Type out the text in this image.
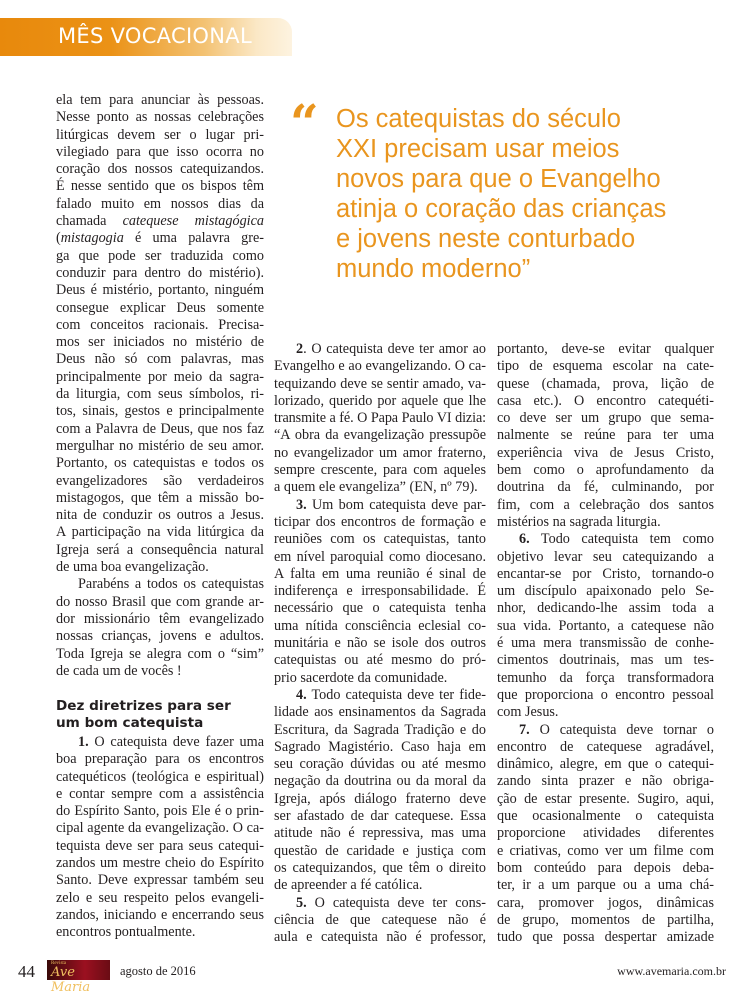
MÊS VOCACIONAL
“ Os catequistas do século
XXI precisam usar meios
novos para que o Evangelho
atinja o coração das crianças
e jovens neste conturbado
mundo moderno”
ela tem para anunciar às pessoas.
Nesse ponto as nossas celebrações
litúrgicas devem ser o lugar pri-
vilegiado para que isso ocorra no
coração dos nossos catequizandos.
É nesse sentido que os bispos têm
falado muito em nossos dias da
chamada catequese mistagógica
(mistagogia é uma palavra gre-
ga que pode ser traduzida como
conduzir para dentro do mistério).
Deus é mistério, portanto, ninguém
consegue explicar Deus somente
com conceitos racionais. Precisa-
mos ser iniciados no mistério de
Deus não só com palavras, mas
principalmente por meio da sagra-
da liturgia, com seus símbolos, ri-
tos, sinais, gestos e principalmente
com a Palavra de Deus, que nos faz
mergulhar no mistério de seu amor.
Portanto, os catequistas e todos os
evangelizadores são verdadeiros
mistagogos, que têm a missão bo-
nita de conduzir os outros a Jesus.
A participação na vida litúrgica da
Igreja será a consequência natural
de uma boa evangelização.
Parabéns a todos os catequistas
do nosso Brasil que com grande ar-
dor missionário têm evangelizado
nossas crianças, jovens e adultos.
Toda Igreja se alegra com o “sim”
de cada um de vocês !
Dez diretrizes para ser
um bom catequista
1. O catequista deve fazer uma
boa preparação para os encontros
catequéticos (teológica e espiritual)
e contar sempre com a assistência
do Espírito Santo, pois Ele é o prin-
cipal agente da evangelização. O ca-
tequista deve ser para seus catequi-
zandos um mestre cheio do Espírito
Santo. Deve expressar também seu
zelo e seu respeito pelos evangeli-
zandos, iniciando e encerrando seus
encontros pontualmente.
2. O catequista deve ter amor ao
Evangelho e ao evangelizando. O ca-
tequizando deve se sentir amado, va-
lorizado, querido por aquele que lhe
transmite a fé. O Papa Paulo VI dizia:
“A obra da evangelização pressupõe
no evangelizador um amor fraterno,
sempre crescente, para com aqueles
a quem ele evangeliza” (EN, nº 79).
3. Um bom catequista deve par-
ticipar dos encontros de formação e
reuniões com os catequistas, tanto
em nível paroquial como diocesano.
A falta em uma reunião é sinal de
indiferença e irresponsabilidade. É
necessário que o catequista tenha
uma nítida consciência eclesial co-
munitária e não se isole dos outros
catequistas ou até mesmo do pró-
prio sacerdote da comunidade.
4. Todo catequista deve ter fide-
lidade aos ensinamentos da Sagrada
Escritura, da Sagrada Tradição e do
Sagrado Magistério. Caso haja em
seu coração dúvidas ou até mesmo
negação da doutrina ou da moral da
Igreja, após diálogo fraterno deve
ser afastado de dar catequese. Essa
atitude não é repressiva, mas uma
questão de caridade e justiça com
os catequizandos, que têm o direito
de apreender a fé católica.
5. O catequista deve ter cons-
ciência de que catequese não é
aula e catequista não é professor,
portanto, deve-se evitar qualquer
tipo de esquema escolar na cate-
quese (chamada, prova, lição de
casa etc.). O encontro catequéti-
co deve ser um grupo que sema-
nalmente se reúne para ter uma
experiência viva de Jesus Cristo,
bem como o aprofundamento da
doutrina da fé, culminando, por
fim, com a celebração dos santos
mistérios na sagrada liturgia.
6. Todo catequista tem como
objetivo levar seu catequizando a
encantar-se por Cristo, tornando-o
um discípulo apaixonado pelo Se-
nhor, dedicando-lhe assim toda a
sua vida. Portanto, a catequese não
é uma mera transmissão de conhe-
cimentos doutrinais, mas um tes-
temunho da força transformadora
que proporciona o encontro pessoal
com Jesus.
7. O catequista deve tornar o
encontro de catequese agradável,
dinâmico, alegre, em que o catequi-
zando sinta prazer e não obriga-
ção de estar presente. Sugiro, aqui,
que ocasionalmente o catequista
proporcione atividades diferentes
e criativas, como ver um filme com
bom conteúdo para depois deba-
ter, ir a um parque ou a uma chá-
cara, promover jogos, dinâmicas
de grupo, momentos de partilha,
tudo que possa despertar amizade
44	Revista
Ave Maria
agosto de 2016	www.avemaria.com.br
